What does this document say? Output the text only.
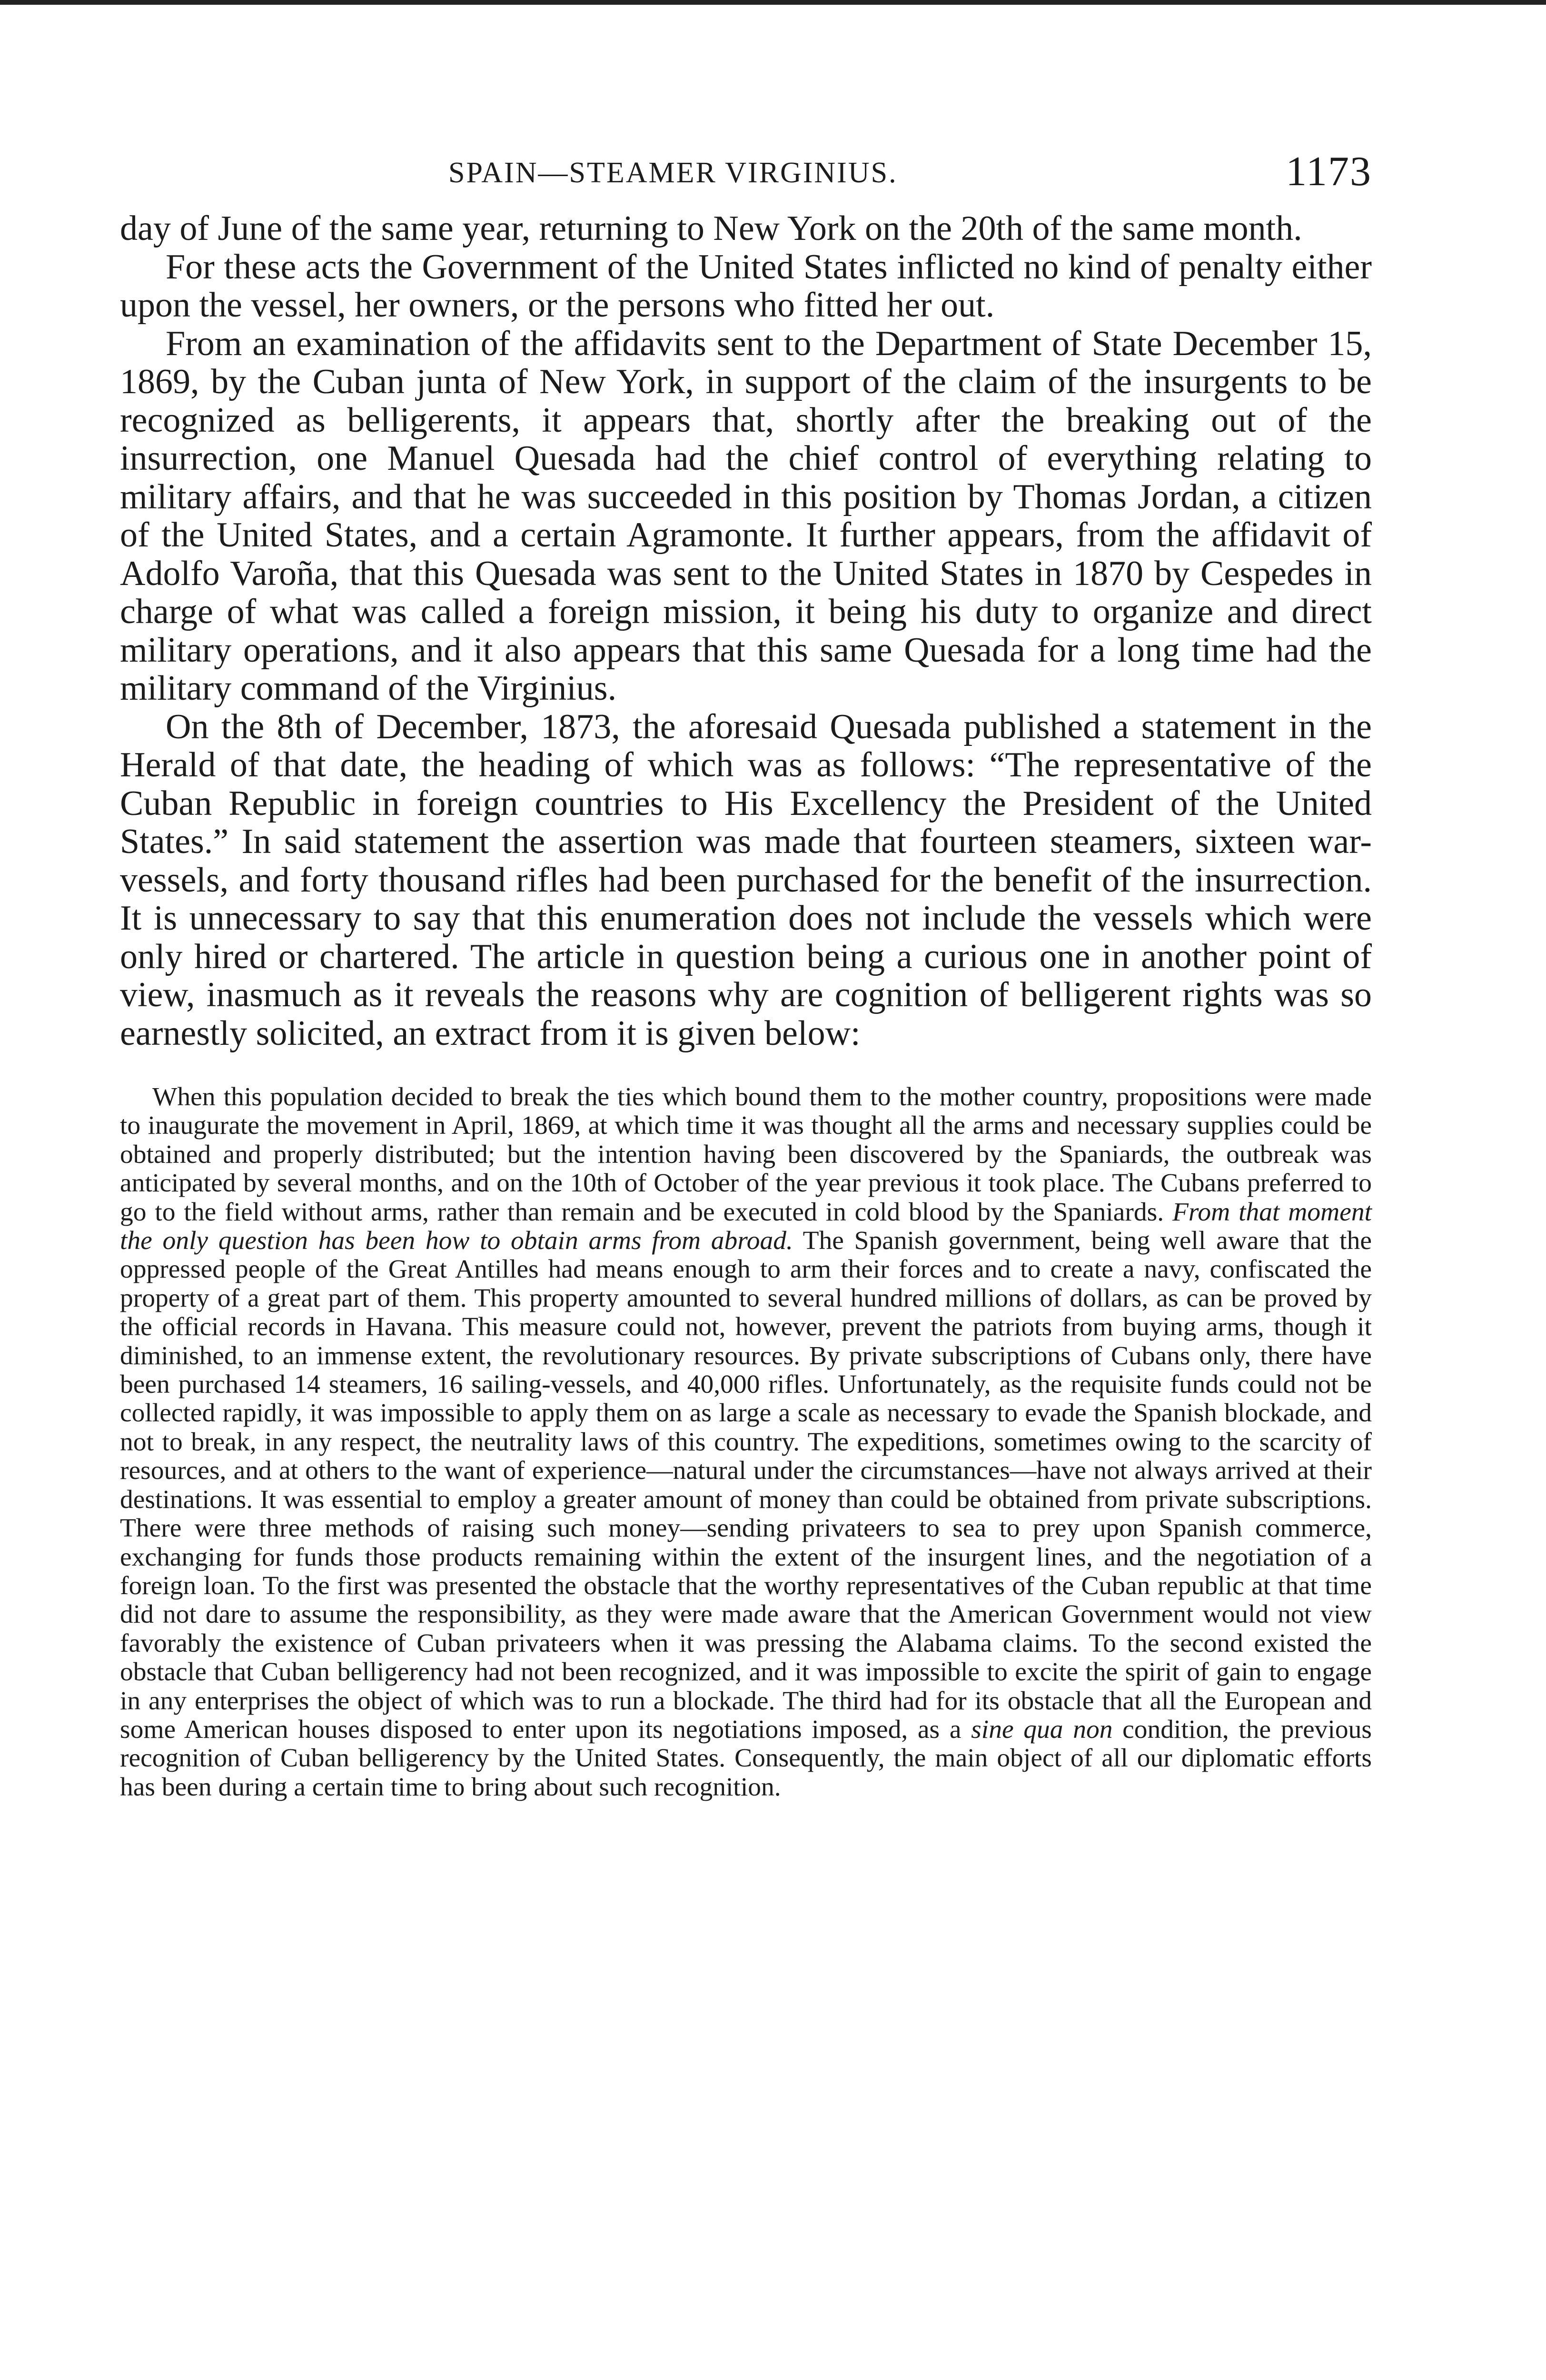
SPAIN—STEAMER VIRGINIUS.	1173

day of June of the same year, returning to New York on the 20th of the same month.

For these acts the Government of the United States inflicted no kind of penalty either upon the vessel, her owners, or the persons who fitted her out.

From an examination of the affidavits sent to the Department of State December 15, 1869, by the Cuban junta of New York, in support of the claim of the insurgents to be recognized as belligerents, it appears that, shortly after the breaking out of the insurrection, one Manuel Quesada had the chief control of everything relating to military affairs, and that he was succeeded in this position by Thomas Jordan, a citizen of the United States, and a certain Agramonte. It further appears, from the affidavit of Adolfo Varoña, that this Quesada was sent to the United States in 1870 by Cespedes in charge of what was called a foreign mission, it being his duty to organize and direct military operations, and it also appears that this same Quesada for a long time had the military command of the Virginius.

On the 8th of December, 1873, the aforesaid Quesada published a statement in the Herald of that date, the heading of which was as follows: “The representative of the Cuban Republic in foreign countries to His Excellency the President of the United States.” In said statement the assertion was made that fourteen steamers, sixteen war-vessels, and forty thousand rifles had been purchased for the benefit of the insurrection. It is unnecessary to say that this enumeration does not include the vessels which were only hired or chartered. The article in question being a curious one in another point of view, inasmuch as it reveals the reasons why are cognition of belligerent rights was so earnestly solicited, an extract from it is given below:

When this population decided to break the ties which bound them to the mother country, propositions were made to inaugurate the movement in April, 1869, at which time it was thought all the arms and necessary supplies could be obtained and properly distributed; but the intention having been discovered by the Spaniards, the outbreak was anticipated by several months, and on the 10th of October of the year previous it took place. The Cubans preferred to go to the field without arms, rather than remain and be executed in cold blood by the Spaniards. From that moment the only question has been how to obtain arms from abroad. The Spanish government, being well aware that the oppressed people of the Great Antilles had means enough to arm their forces and to create a navy, confiscated the property of a great part of them. This property amounted to several hundred millions of dollars, as can be proved by the official records in Havana. This measure could not, however, prevent the patriots from buying arms, though it diminished, to an immense extent, the revolutionary resources. By private subscriptions of Cubans only, there have been purchased 14 steamers, 16 sailing-vessels, and 40,000 rifles. Unfortunately, as the requisite funds could not be collected rapidly, it was impossible to apply them on as large a scale as necessary to evade the Spanish blockade, and not to break, in any respect, the neutrality laws of this country. The expeditions, sometimes owing to the scarcity of resources, and at others to the want of experience—natural under the circumstances—have not always arrived at their destinations. It was essential to employ a greater amount of money than could be obtained from private subscriptions. There were three methods of raising such money—sending privateers to sea to prey upon Spanish commerce, exchanging for funds those products remaining within the extent of the insurgent lines, and the negotiation of a foreign loan. To the first was presented the obstacle that the worthy representatives of the Cuban republic at that time did not dare to assume the responsibility, as they were made aware that the American Government would not view favorably the existence of Cuban privateers when it was pressing the Alabama claims. To the second existed the obstacle that Cuban belligerency had not been recognized, and it was impossible to excite the spirit of gain to engage in any enterprises the object of which was to run a blockade. The third had for its obstacle that all the European and some American houses disposed to enter upon its negotiations imposed, as a sine qua non condition, the previous recognition of Cuban belligerency by the United States. Consequently, the main object of all our diplomatic efforts has been during a certain time to bring about such recognition.
